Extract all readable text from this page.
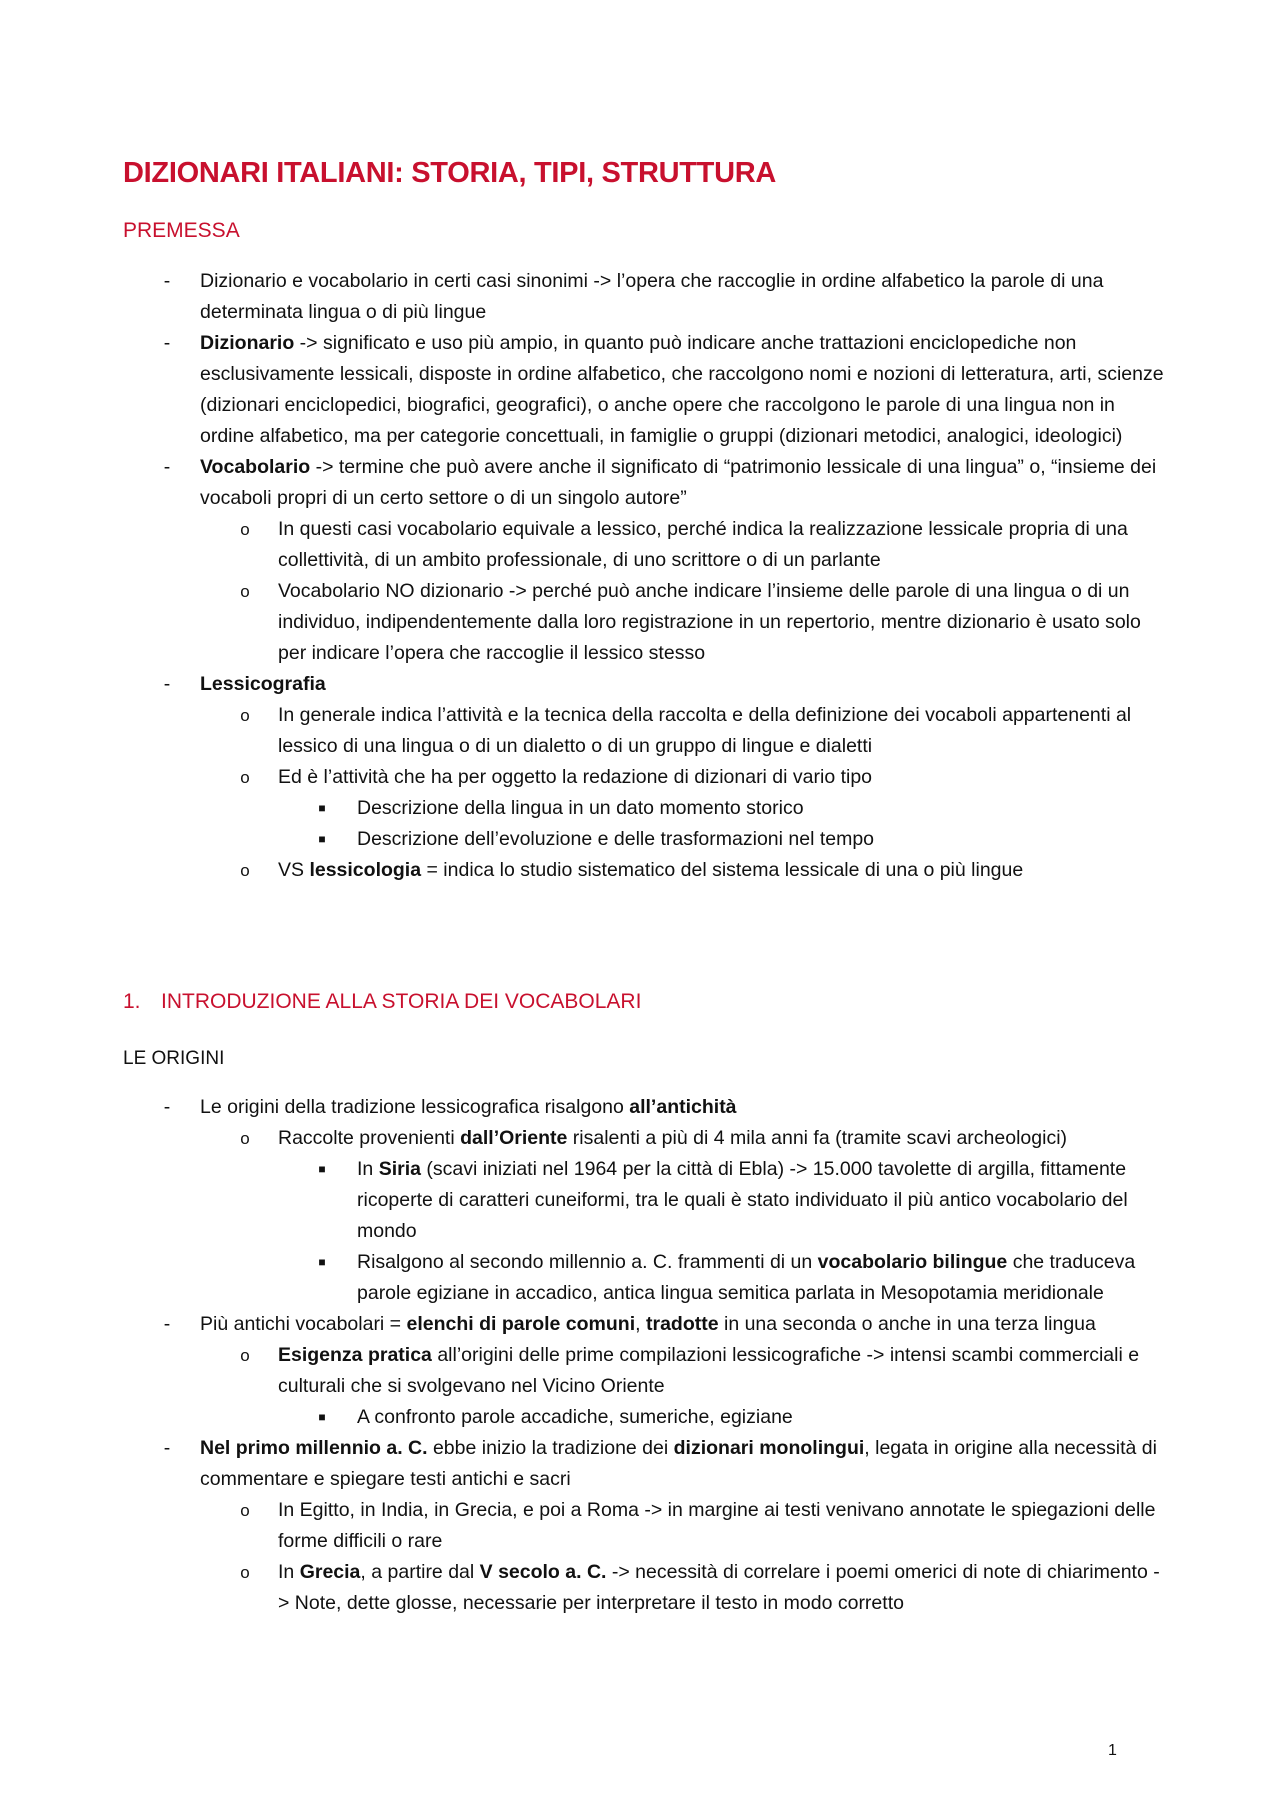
DIZIONARI ITALIANI: STORIA, TIPI, STRUTTURA
PREMESSA
- Dizionario e vocabolario in certi casi sinonimi -> l’opera che raccoglie in ordine alfabetico la parole di una determinata lingua o di più lingue
- Dizionario -> significato e uso più ampio, in quanto può indicare anche trattazioni enciclopediche non esclusivamente lessicali, disposte in ordine alfabetico, che raccolgono nomi e nozioni di letteratura, arti, scienze (dizionari enciclopedici, biografici, geografici), o anche opere che raccolgono le parole di una lingua non in ordine alfabetico, ma per categorie concettuali, in famiglie o gruppi (dizionari metodici, analogici, ideologici)
- Vocabolario -> termine che può avere anche il significato di “patrimonio lessicale di una lingua” o, “insieme dei vocaboli propri di un certo settore o di un singolo autore”
o In questi casi vocabolario equivale a lessico, perché indica la realizzazione lessicale propria di una collettività, di un ambito professionale, di uno scrittore o di un parlante
o Vocabolario NO dizionario -> perché può anche indicare l’insieme delle parole di una lingua o di un individuo, indipendentemente dalla loro registrazione in un repertorio, mentre dizionario è usato solo per indicare l’opera che raccoglie il lessico stesso
- Lessicografia
o In generale indica l’attività e la tecnica della raccolta e della definizione dei vocaboli appartenenti al lessico di una lingua o di un dialetto o di un gruppo di lingue e dialetti
o Ed è l’attività che ha per oggetto la redazione di dizionari di vario tipo
■ Descrizione della lingua in un dato momento storico
■ Descrizione dell’evoluzione e delle trasformazioni nel tempo
o VS lessicologia = indica lo studio sistematico del sistema lessicale di una o più lingue
1. INTRODUZIONE ALLA STORIA DEI VOCABOLARI
LE ORIGINI
- Le origini della tradizione lessicografica risalgono all’antichità
o Raccolte provenienti dall’Oriente risalenti a più di 4 mila anni fa (tramite scavi archeologici)
■ In Siria (scavi iniziati nel 1964 per la città di Ebla) -> 15.000 tavolette di argilla, fittamente ricoperte di caratteri cuneiformi, tra le quali è stato individuato il più antico vocabolario del mondo
■ Risalgono al secondo millennio a. C. frammenti di un vocabolario bilingue che traduceva parole egiziane in accadico, antica lingua semitica parlata in Mesopotamia meridionale
- Più antichi vocabolari = elenchi di parole comuni, tradotte in una seconda o anche in una terza lingua
o Esigenza pratica all’origini delle prime compilazioni lessicografiche -> intensi scambi commerciali e culturali che si svolgevano nel Vicino Oriente
■ A confronto parole accadiche, sumeriche, egiziane
- Nel primo millennio a. C. ebbe inizio la tradizione dei dizionari monolingui, legata in origine alla necessità di commentare e spiegare testi antichi e sacri
o In Egitto, in India, in Grecia, e poi a Roma -> in margine ai testi venivano annotate le spiegazioni delle forme difficili o rare
o In Grecia, a partire dal V secolo a. C. -> necessità di correlare i poemi omerici di note di chiarimento -> Note, dette glosse, necessarie per interpretare il testo in modo corretto
1
